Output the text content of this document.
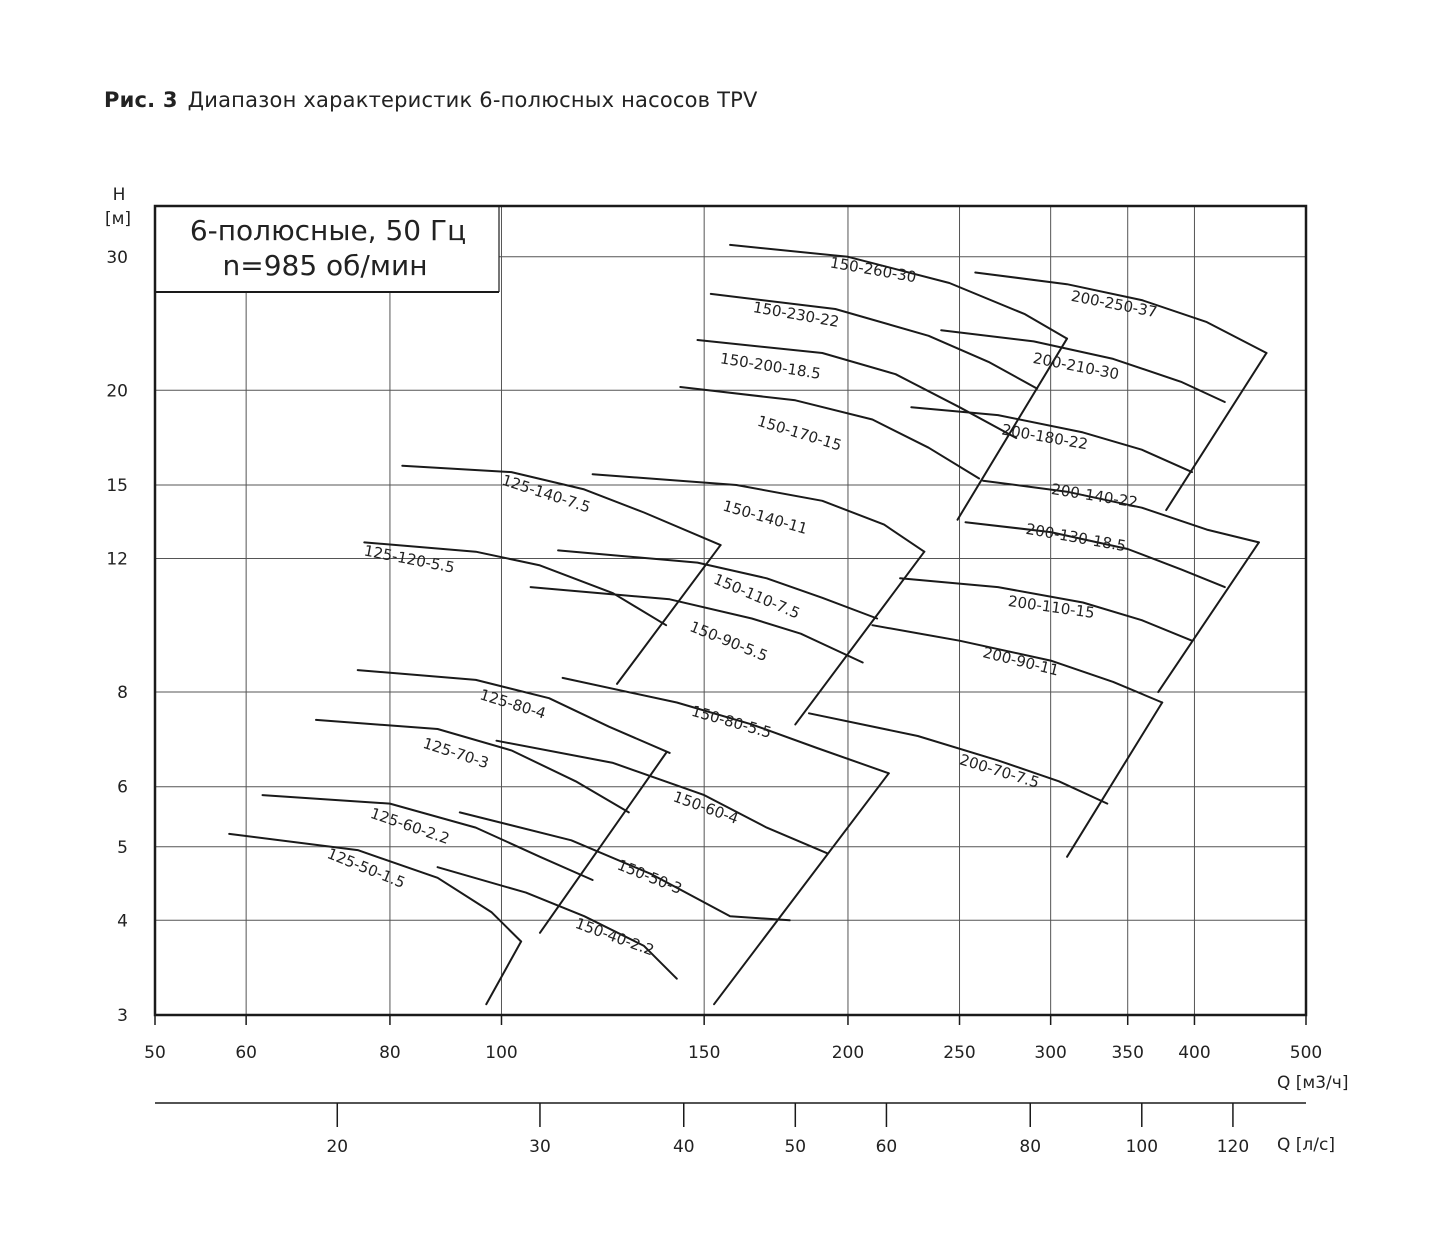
Рис. 3 Диапазон характеристик 6-полюсных насосов TPV
125-50-1.5
125-60-2.2
125-70-3
125-80-4
125-120-5.5
125-140-7.5
150-40-2.2
150-50-3
150-60-4
150-80-5.5
150-90-5.5
150-110-7.5
150-140-11
150-170-15
150-200-18.5
150-230-22
150-260-30
200-70-7.5
200-90-11
200-110-15
200-130-18.5
200-140-22
200-180-22
200-210-30
200-250-37
6-полюсные, 50 Гц
n=985 об/мин
30
20
15
12
8
6
5
4
3
50	60	80	100	150	200	250	300	350 400	500
20	30	40	50	60	80	100	120
H
[м]
Q [м3/ч]
Q [л/с]
